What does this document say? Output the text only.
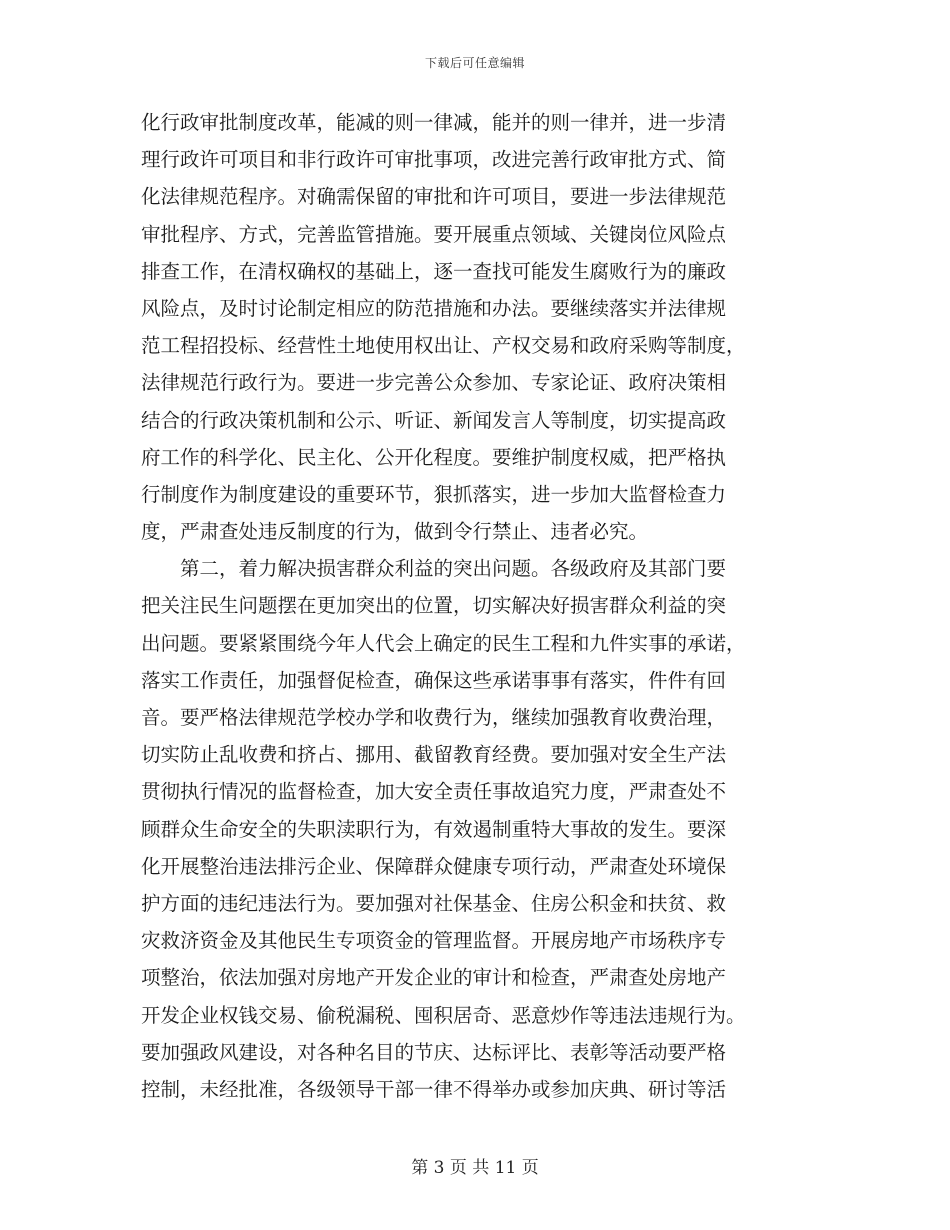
下载后可任意编辑
化行政审批制度改革，能减的则一律减，能并的则一律并，进一步清
理行政许可项目和非行政许可审批事项，改进完善行政审批方式、简
化法律规范程序。对确需保留的审批和许可项目，要进一步法律规范
审批程序、方式，完善监管措施。要开展重点领域、关键岗位风险点
排查工作，在清权确权的基础上，逐一查找可能发生腐败行为的廉政
风险点，及时讨论制定相应的防范措施和办法。要继续落实并法律规
范工程招投标、经营性土地使用权出让、产权交易和政府采购等制度，
法律规范行政行为。要进一步完善公众参加、专家论证、政府决策相
结合的行政决策机制和公示、听证、新闻发言人等制度，切实提高政
府工作的科学化、民主化、公开化程度。要维护制度权威，把严格执
行制度作为制度建设的重要环节，狠抓落实，进一步加大监督检查力
度，严肃查处违反制度的行为，做到令行禁止、违者必究。
　　第二，着力解决损害群众利益的突出问题。各级政府及其部门要
把关注民生问题摆在更加突出的位置，切实解决好损害群众利益的突
出问题。要紧紧围绕今年人代会上确定的民生工程和九件实事的承诺，
落实工作责任，加强督促检查，确保这些承诺事事有落实，件件有回
音。要严格法律规范学校办学和收费行为，继续加强教育收费治理，
切实防止乱收费和挤占、挪用、截留教育经费。要加强对安全生产法
贯彻执行情况的监督检查，加大安全责任事故追究力度，严肃查处不
顾群众生命安全的失职渎职行为，有效遏制重特大事故的发生。要深
化开展整治违法排污企业、保障群众健康专项行动，严肃查处环境保
护方面的违纪违法行为。要加强对社保基金、住房公积金和扶贫、救
灾救济资金及其他民生专项资金的管理监督。开展房地产市场秩序专
项整治，依法加强对房地产开发企业的审计和检查，严肃查处房地产
开发企业权钱交易、偷税漏税、囤积居奇、恶意炒作等违法违规行为。
要加强政风建设，对各种名目的节庆、达标评比、表彰等活动要严格
控制，未经批准，各级领导干部一律不得举办或参加庆典、研讨等活
第 3 页 共 11 页
